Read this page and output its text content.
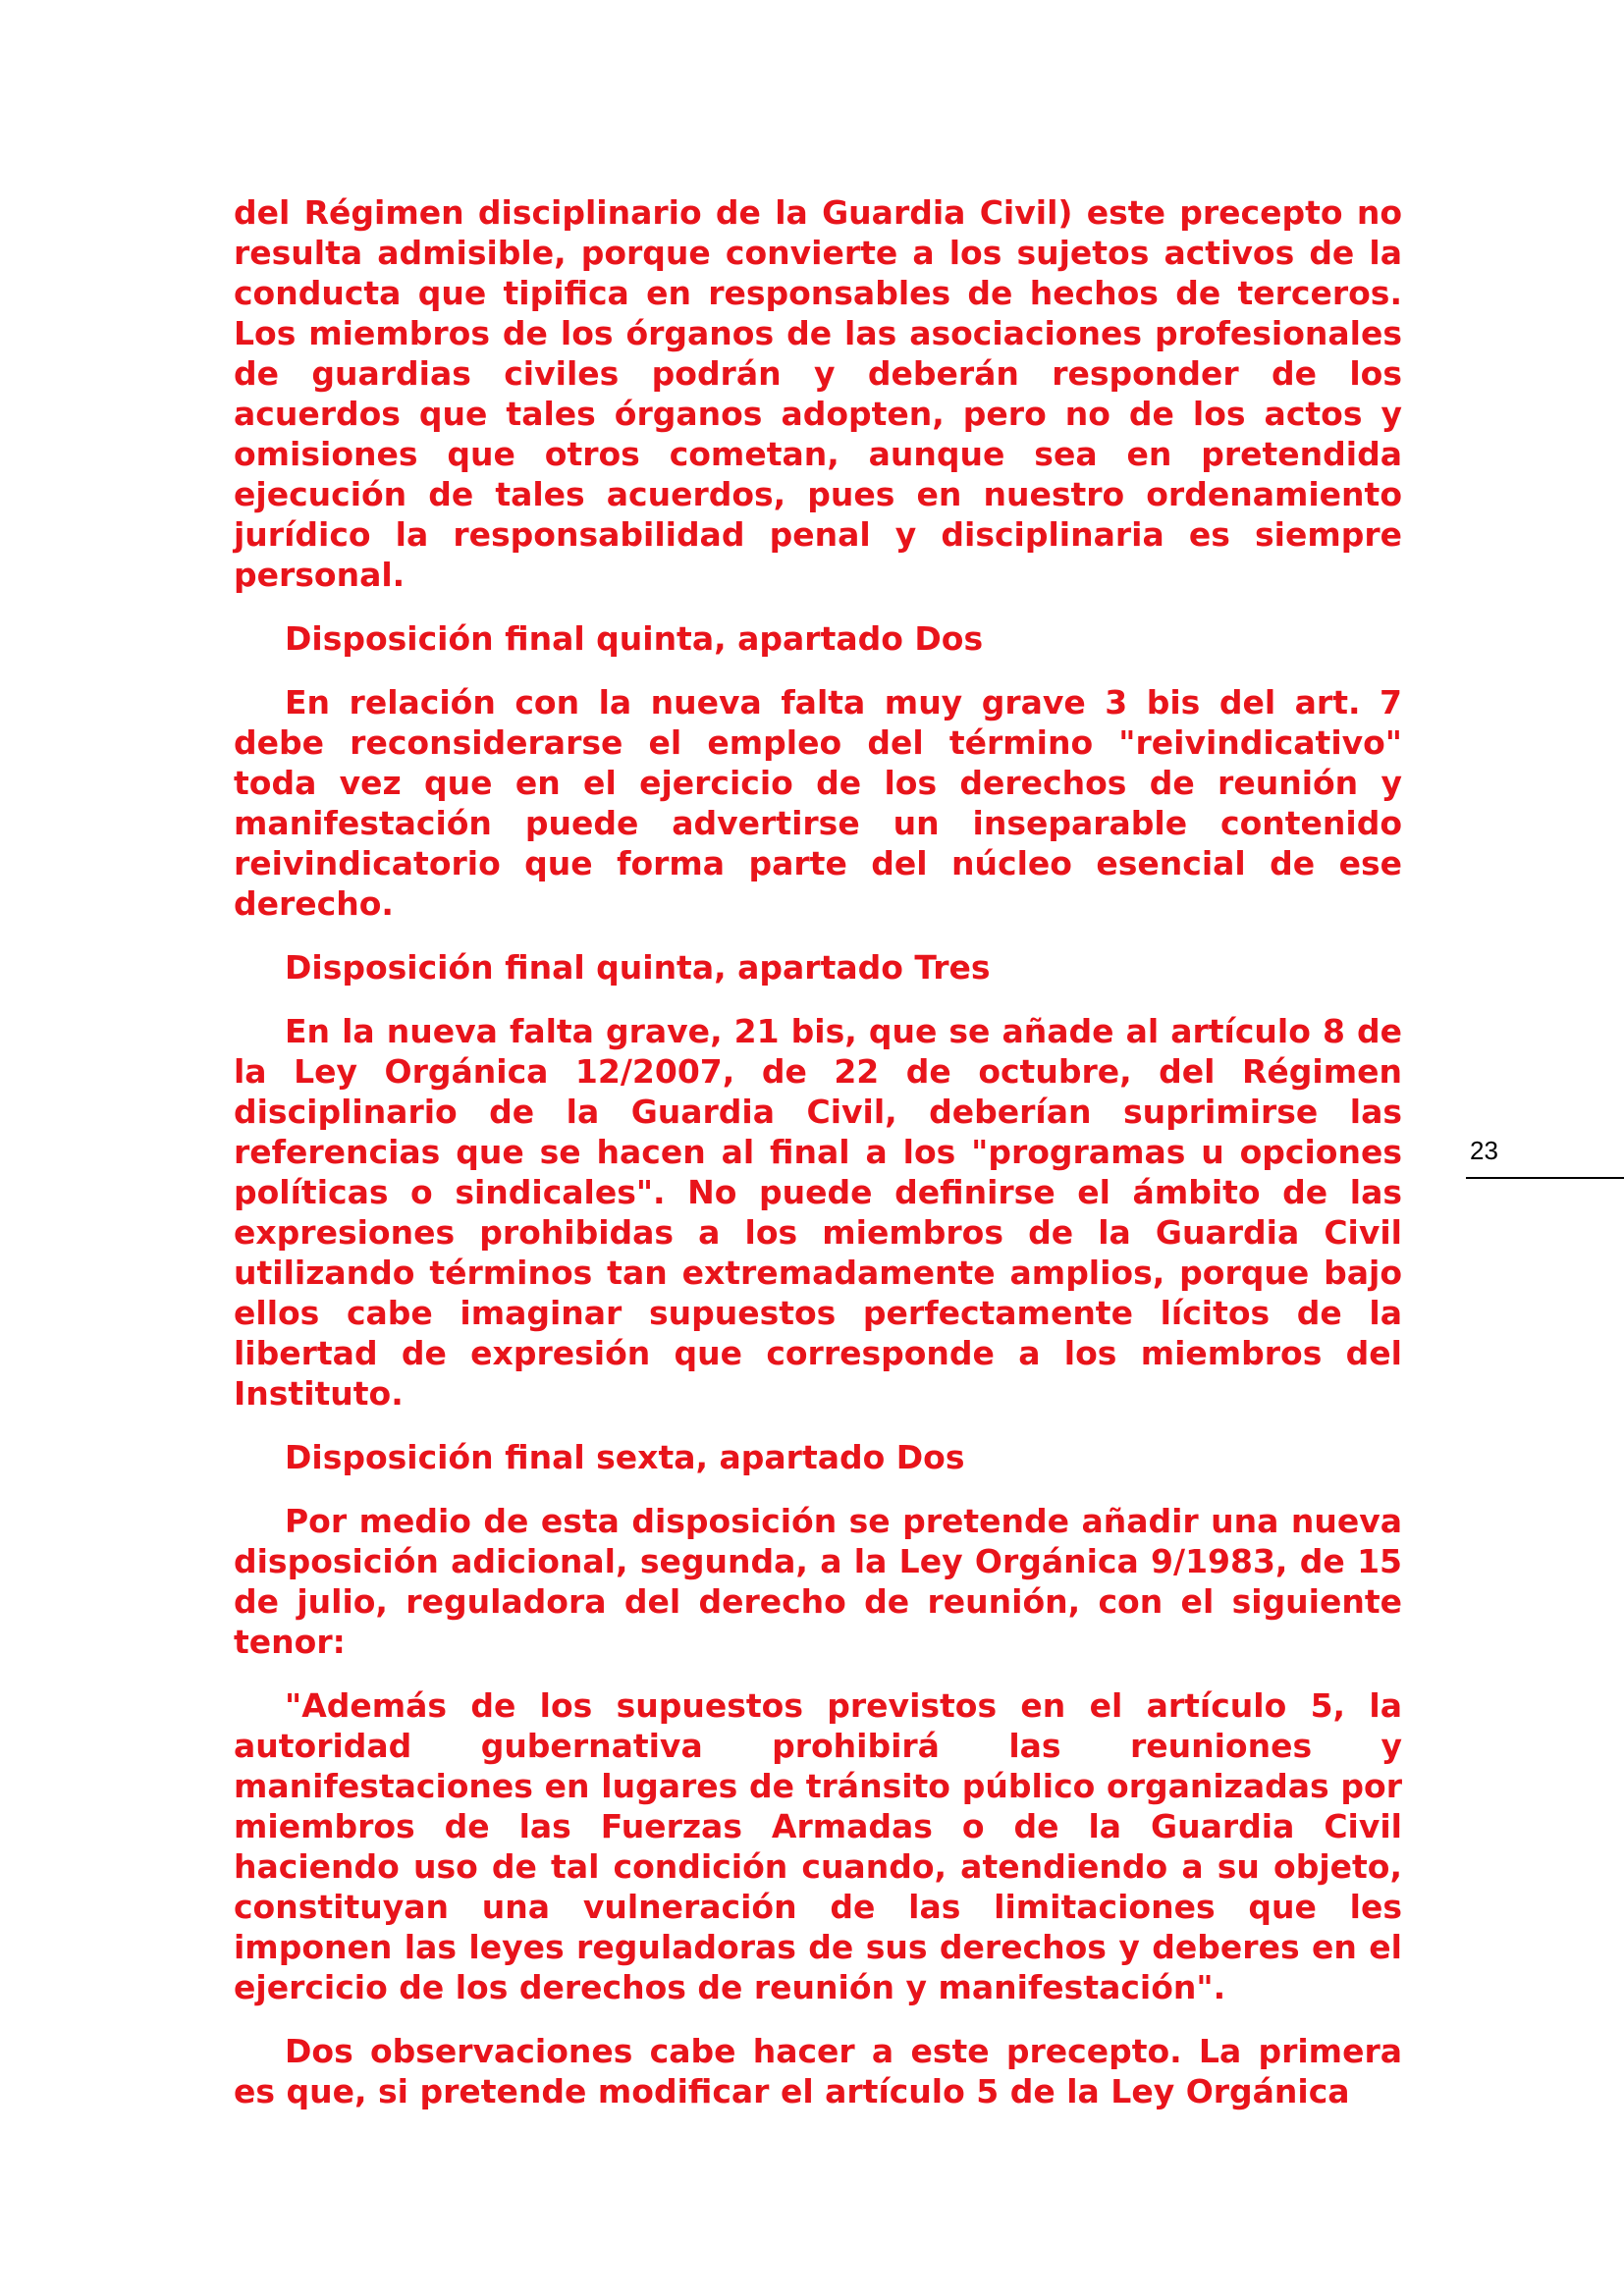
del Régimen disciplinario de la Guardia Civil) este precepto no resulta admisible, porque convierte a los sujetos activos de la conducta que tipifica en responsables de hechos de terceros. Los miembros de los órganos de las asociaciones profesionales de guardias civiles podrán y deberán responder de los acuerdos que tales órganos adopten, pero no de los actos y omisiones que otros cometan, aunque sea en pretendida ejecución de tales acuerdos, pues en nuestro ordenamiento jurídico la responsabilidad penal y disciplinaria es siempre personal.

Disposición final quinta, apartado Dos

En relación con la nueva falta muy grave 3 bis del art. 7 debe reconsiderarse el empleo del término "reivindicativo" toda vez que en el ejercicio de los derechos de reunión y manifestación puede advertirse un inseparable contenido reivindicatorio que forma parte del núcleo esencial de ese derecho.

Disposición final quinta, apartado Tres

En la nueva falta grave, 21 bis, que se añade al artículo 8 de la Ley Orgánica 12/2007, de 22 de octubre, del Régimen disciplinario de la Guardia Civil, deberían suprimirse las referencias que se hacen al final a los "programas u opciones políticas o sindicales". No puede definirse el ámbito de las expresiones prohibidas a los miembros de la Guardia Civil utilizando términos tan extremadamente amplios, porque bajo ellos cabe imaginar supuestos perfectamente lícitos de la libertad de expresión que corresponde a los miembros del Instituto.

Disposición final sexta, apartado Dos

Por medio de esta disposición se pretende añadir una nueva disposición adicional, segunda, a la Ley Orgánica 9/1983, de 15 de julio, reguladora del derecho de reunión, con el siguiente tenor:

"Además de los supuestos previstos en el artículo 5, la autoridad gubernativa prohibirá las reuniones y manifestaciones en lugares de tránsito público organizadas por miembros de las Fuerzas Armadas o de la Guardia Civil haciendo uso de tal condición cuando, atendiendo a su objeto, constituyan una vulneración de las limitaciones que les imponen las leyes reguladoras de sus derechos y deberes en el ejercicio de los derechos de reunión y manifestación".

Dos observaciones cabe hacer a este precepto. La primera es que, si pretende modificar el artículo 5 de la Ley Orgánica

23
